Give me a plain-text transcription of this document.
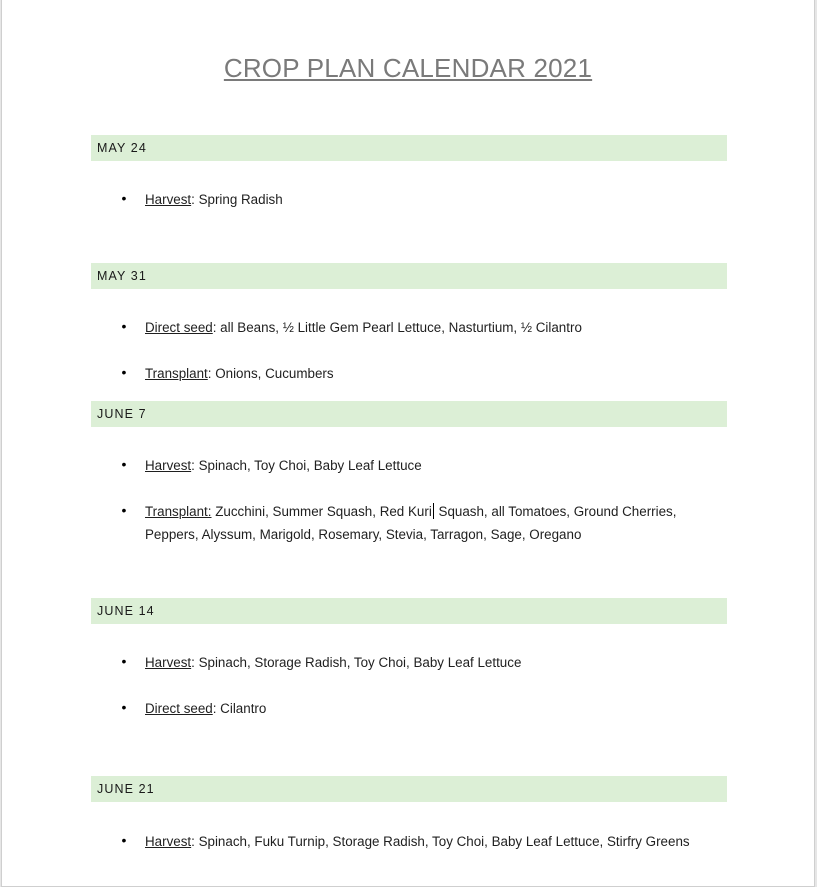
CROP PLAN CALENDAR 2021
MAY 24
• Harvest: Spring Radish
MAY 31
• Direct seed: all Beans, ½ Little Gem Pearl Lettuce, Nasturtium, ½ Cilantro
• Transplant: Onions, Cucumbers
JUNE 7
• Harvest: Spinach, Toy Choi, Baby Leaf Lettuce
• Transplant: Zucchini, Summer Squash, Red Kuri Squash, all Tomatoes, Ground Cherries, Peppers, Alyssum, Marigold, Rosemary, Stevia, Tarragon, Sage, Oregano
JUNE 14
• Harvest: Spinach, Storage Radish, Toy Choi, Baby Leaf Lettuce
• Direct seed: Cilantro
JUNE 21
• Harvest: Spinach, Fuku Turnip, Storage Radish, Toy Choi, Baby Leaf Lettuce, Stirfry Greens
